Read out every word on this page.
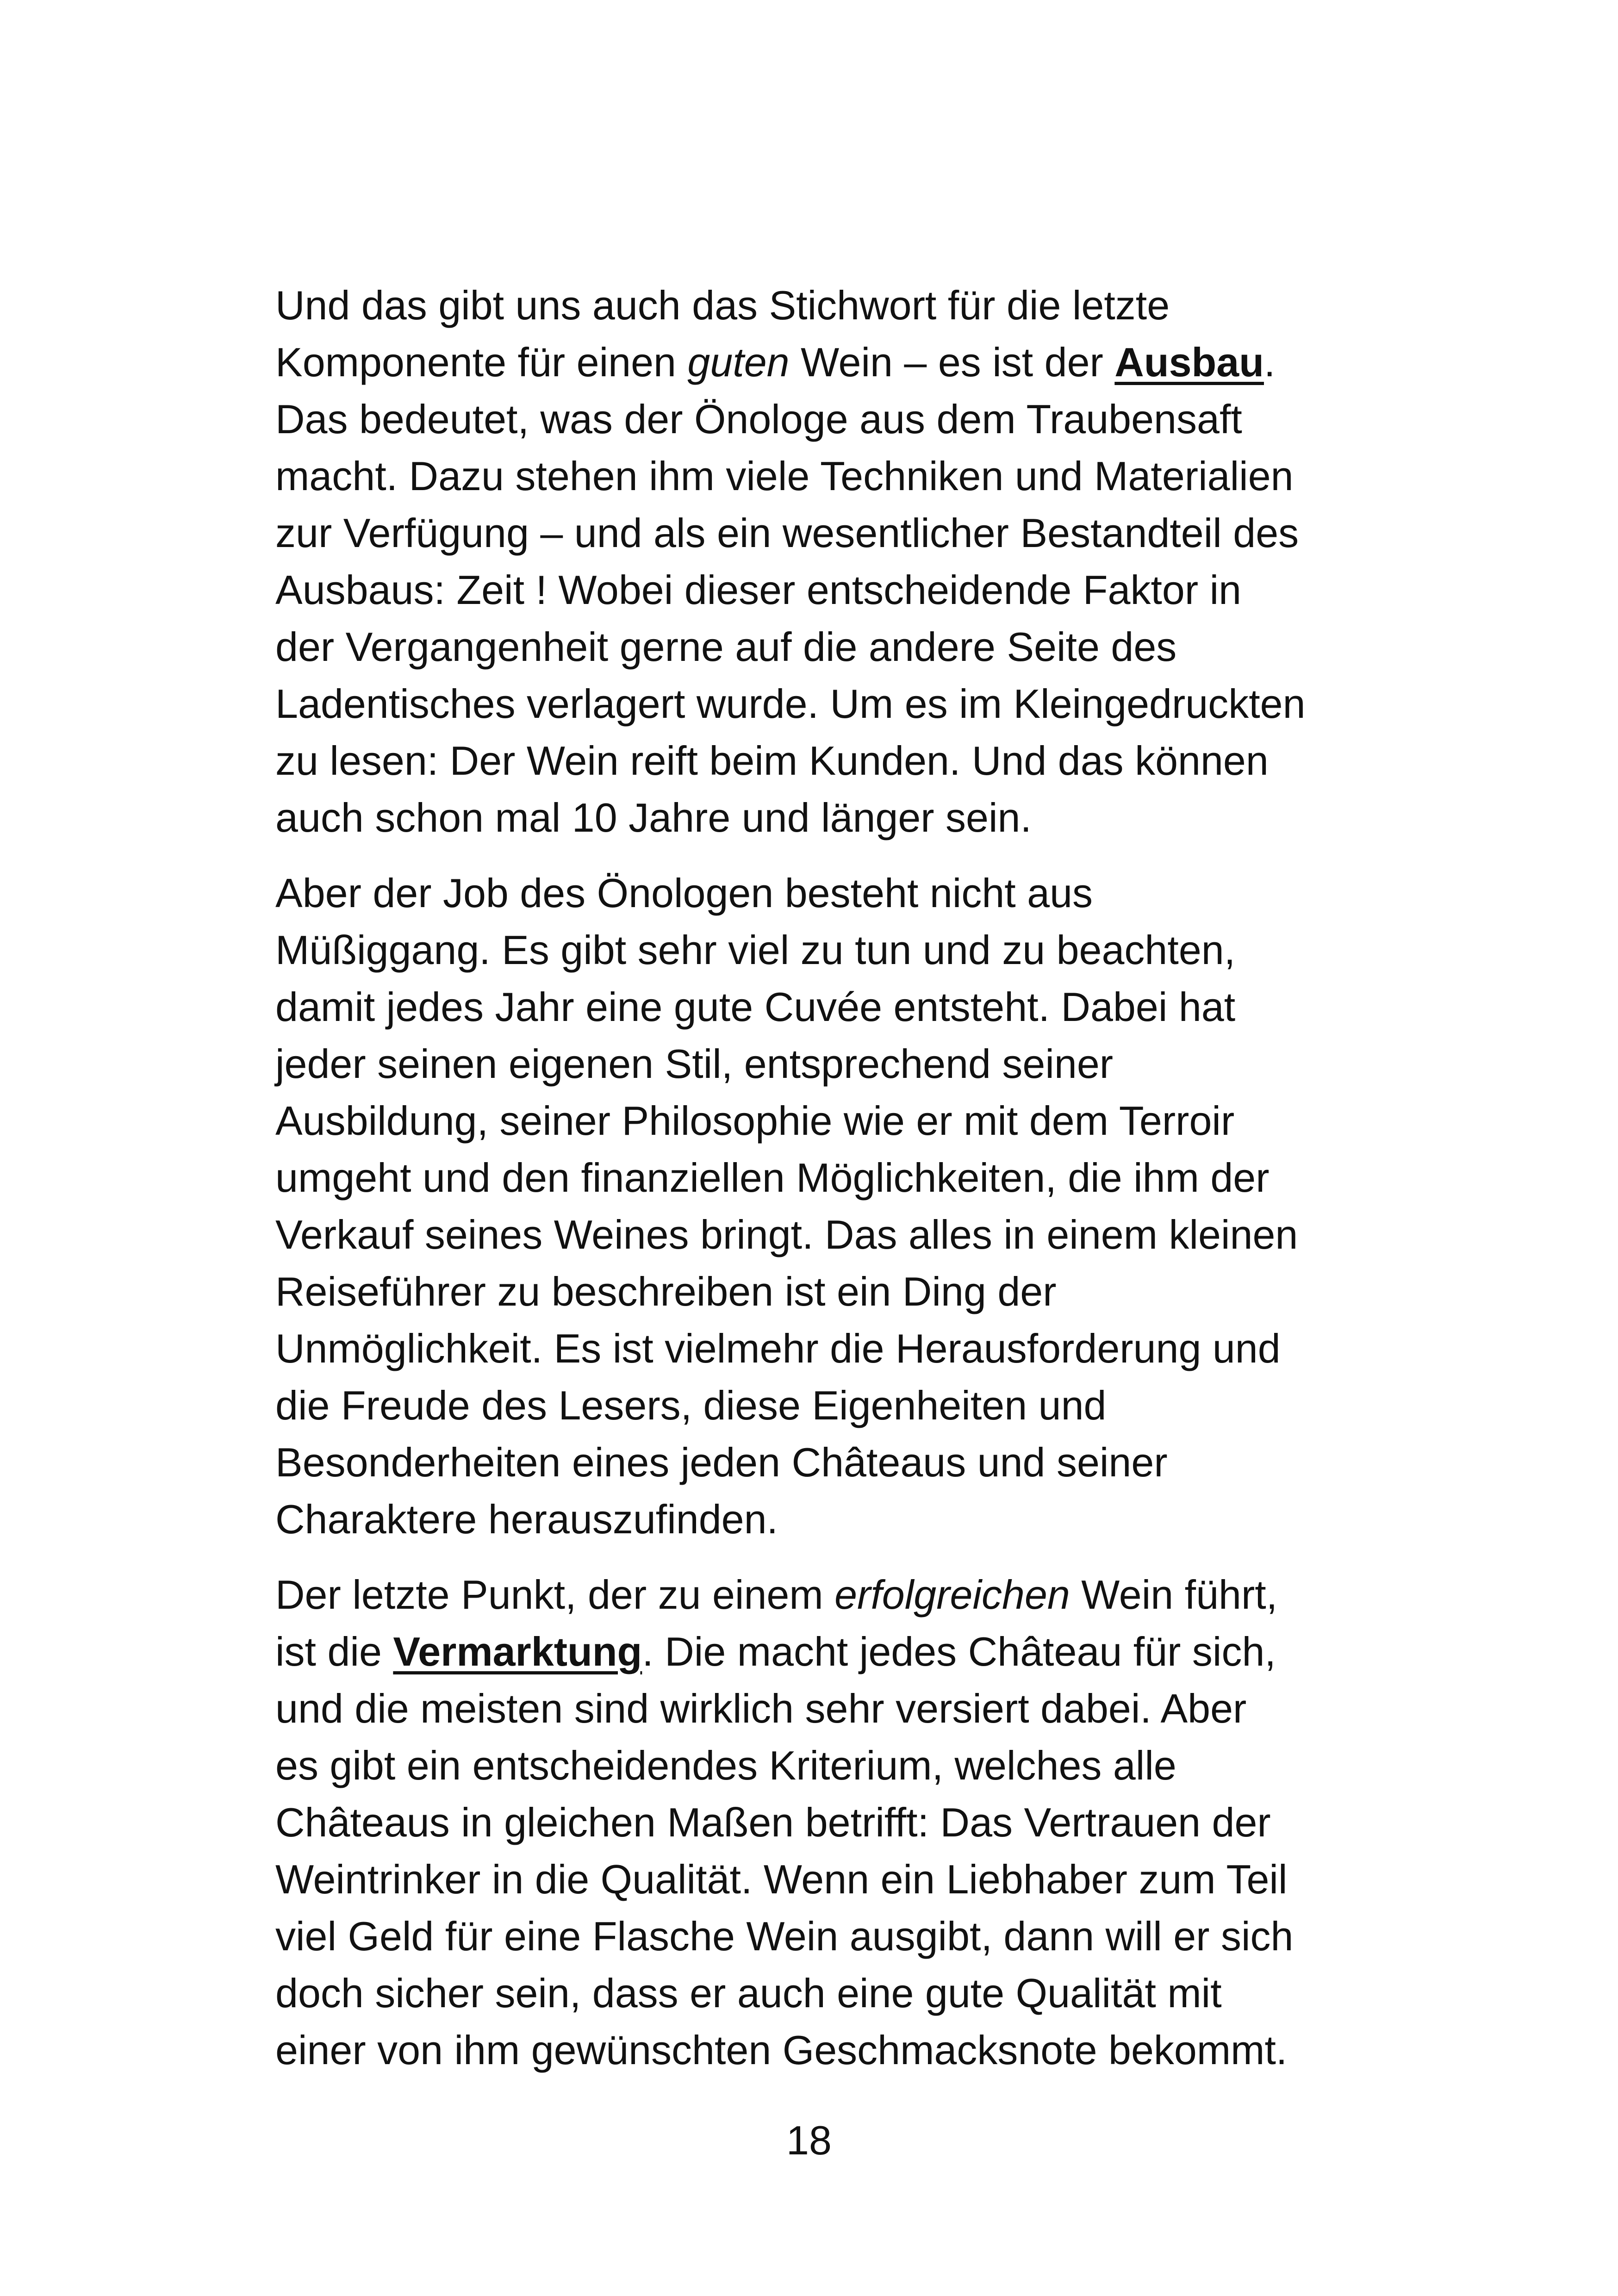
Und das gibt uns auch das Stichwort für die letzte
Komponente für einen guten Wein – es ist der Ausbau.
Das bedeutet, was der Önologe aus dem Traubensaft
macht. Dazu stehen ihm viele Techniken und Materialien
zur Verfügung – und als ein wesentlicher Bestandteil des
Ausbaus: Zeit ! Wobei dieser entscheidende Faktor in
der Vergangenheit gerne auf die andere Seite des
Ladentisches verlagert wurde. Um es im Kleingedruckten
zu lesen: Der Wein reift beim Kunden. Und das können
auch schon mal 10 Jahre und länger sein.

Aber der Job des Önologen besteht nicht aus
Müßiggang. Es gibt sehr viel zu tun und zu beachten,
damit jedes Jahr eine gute Cuvée entsteht. Dabei hat
jeder seinen eigenen Stil, entsprechend seiner
Ausbildung, seiner Philosophie wie er mit dem Terroir
umgeht und den finanziellen Möglichkeiten, die ihm der
Verkauf seines Weines bringt. Das alles in einem kleinen
Reiseführer zu beschreiben ist ein Ding der
Unmöglichkeit. Es ist vielmehr die Herausforderung und
die Freude des Lesers, diese Eigenheiten und
Besonderheiten eines jeden Châteaus und seiner
Charaktere herauszufinden.

Der letzte Punkt, der zu einem erfolgreichen Wein führt,
ist die Vermarktung. Die macht jedes Château für sich,
und die meisten sind wirklich sehr versiert dabei. Aber
es gibt ein entscheidendes Kriterium, welches alle
Châteaus in gleichen Maßen betrifft: Das Vertrauen der
Weintrinker in die Qualität. Wenn ein Liebhaber zum Teil
viel Geld für eine Flasche Wein ausgibt, dann will er sich
doch sicher sein, dass er auch eine gute Qualität mit
einer von ihm gewünschten Geschmacksnote bekommt.

18
